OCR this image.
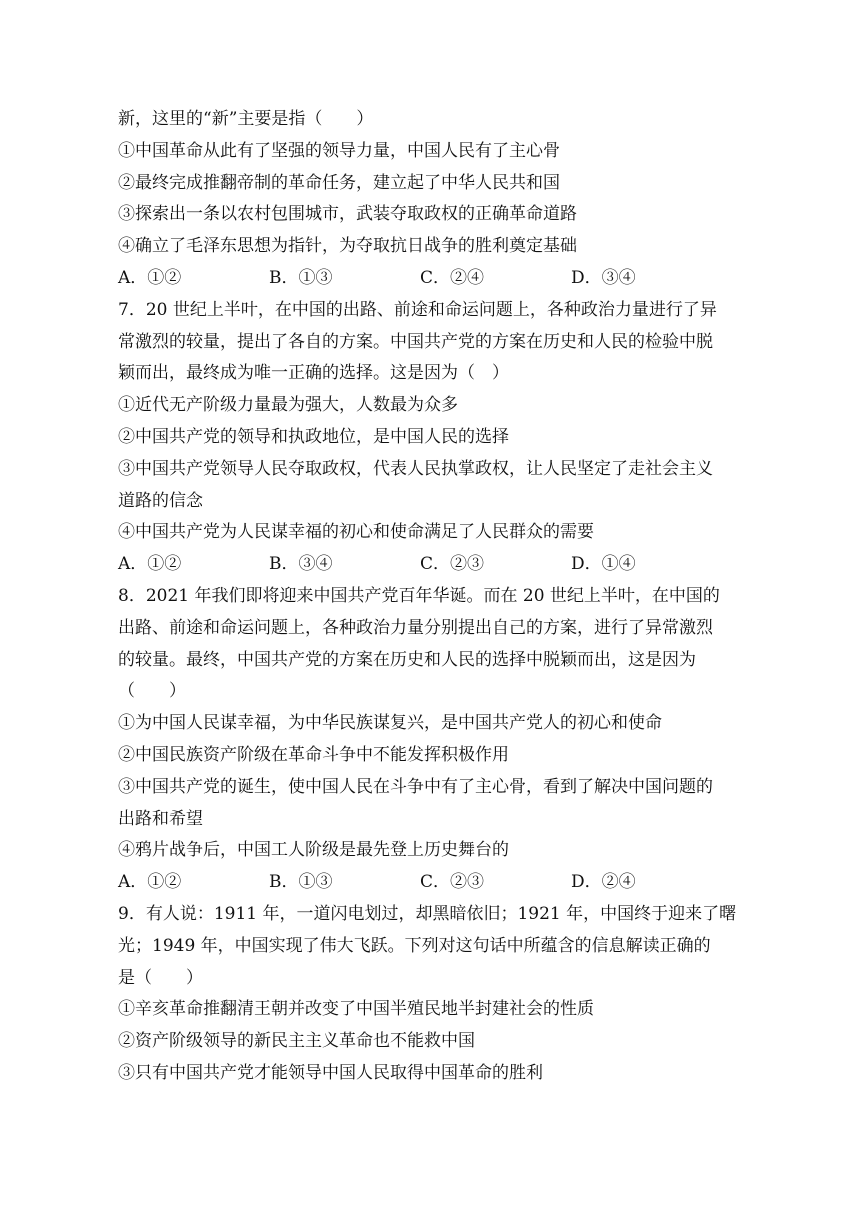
新，这里的“新”主要是指（　　）
①中国革命从此有了坚强的领导力量，中国人民有了主心骨
②最终完成推翻帝制的革命任务，建立起了中华人民共和国
③探索出一条以农村包围城市，武装夺取政权的正确革命道路
④确立了毛泽东思想为指针，为夺取抗日战争的胜利奠定基础
A．①②	B．①③	C．②④	D．③④
7．20 世纪上半叶，在中国的出路、前途和命运问题上，各种政治力量进行了异
常激烈的较量，提出了各自的方案。中国共产党的方案在历史和人民的检验中脱
颖而出，最终成为唯一正确的选择。这是因为（　）
①近代无产阶级力量最为强大，人数最为众多
②中国共产党的领导和执政地位，是中国人民的选择
③中国共产党领导人民夺取政权，代表人民执掌政权，让人民坚定了走社会主义
道路的信念
④中国共产党为人民谋幸福的初心和使命满足了人民群众的需要
A．①②	B．③④	C．②③	D．①④
8．2021 年我们即将迎来中国共产党百年华诞。而在 20 世纪上半叶，在中国的
出路、前途和命运问题上，各种政治力量分别提出自己的方案，进行了异常激烈
的较量。最终，中国共产党的方案在历史和人民的选择中脱颖而出，这是因为
（　　）
①为中国人民谋幸福，为中华民族谋复兴，是中国共产党人的初心和使命
②中国民族资产阶级在革命斗争中不能发挥积极作用
③中国共产党的诞生，使中国人民在斗争中有了主心骨，看到了解决中国问题的
出路和希望
④鸦片战争后，中国工人阶级是最先登上历史舞台的
A．①②	B．①③	C．②③	D．②④
9．有人说：1911 年，一道闪电划过，却黑暗依旧；1921 年，中国终于迎来了曙
光；1949 年，中国实现了伟大飞跃。下列对这句话中所蕴含的信息解读正确的
是（　　）
①辛亥革命推翻清王朝并改变了中国半殖民地半封建社会的性质
②资产阶级领导的新民主主义革命也不能救中国
③只有中国共产党才能领导中国人民取得中国革命的胜利
